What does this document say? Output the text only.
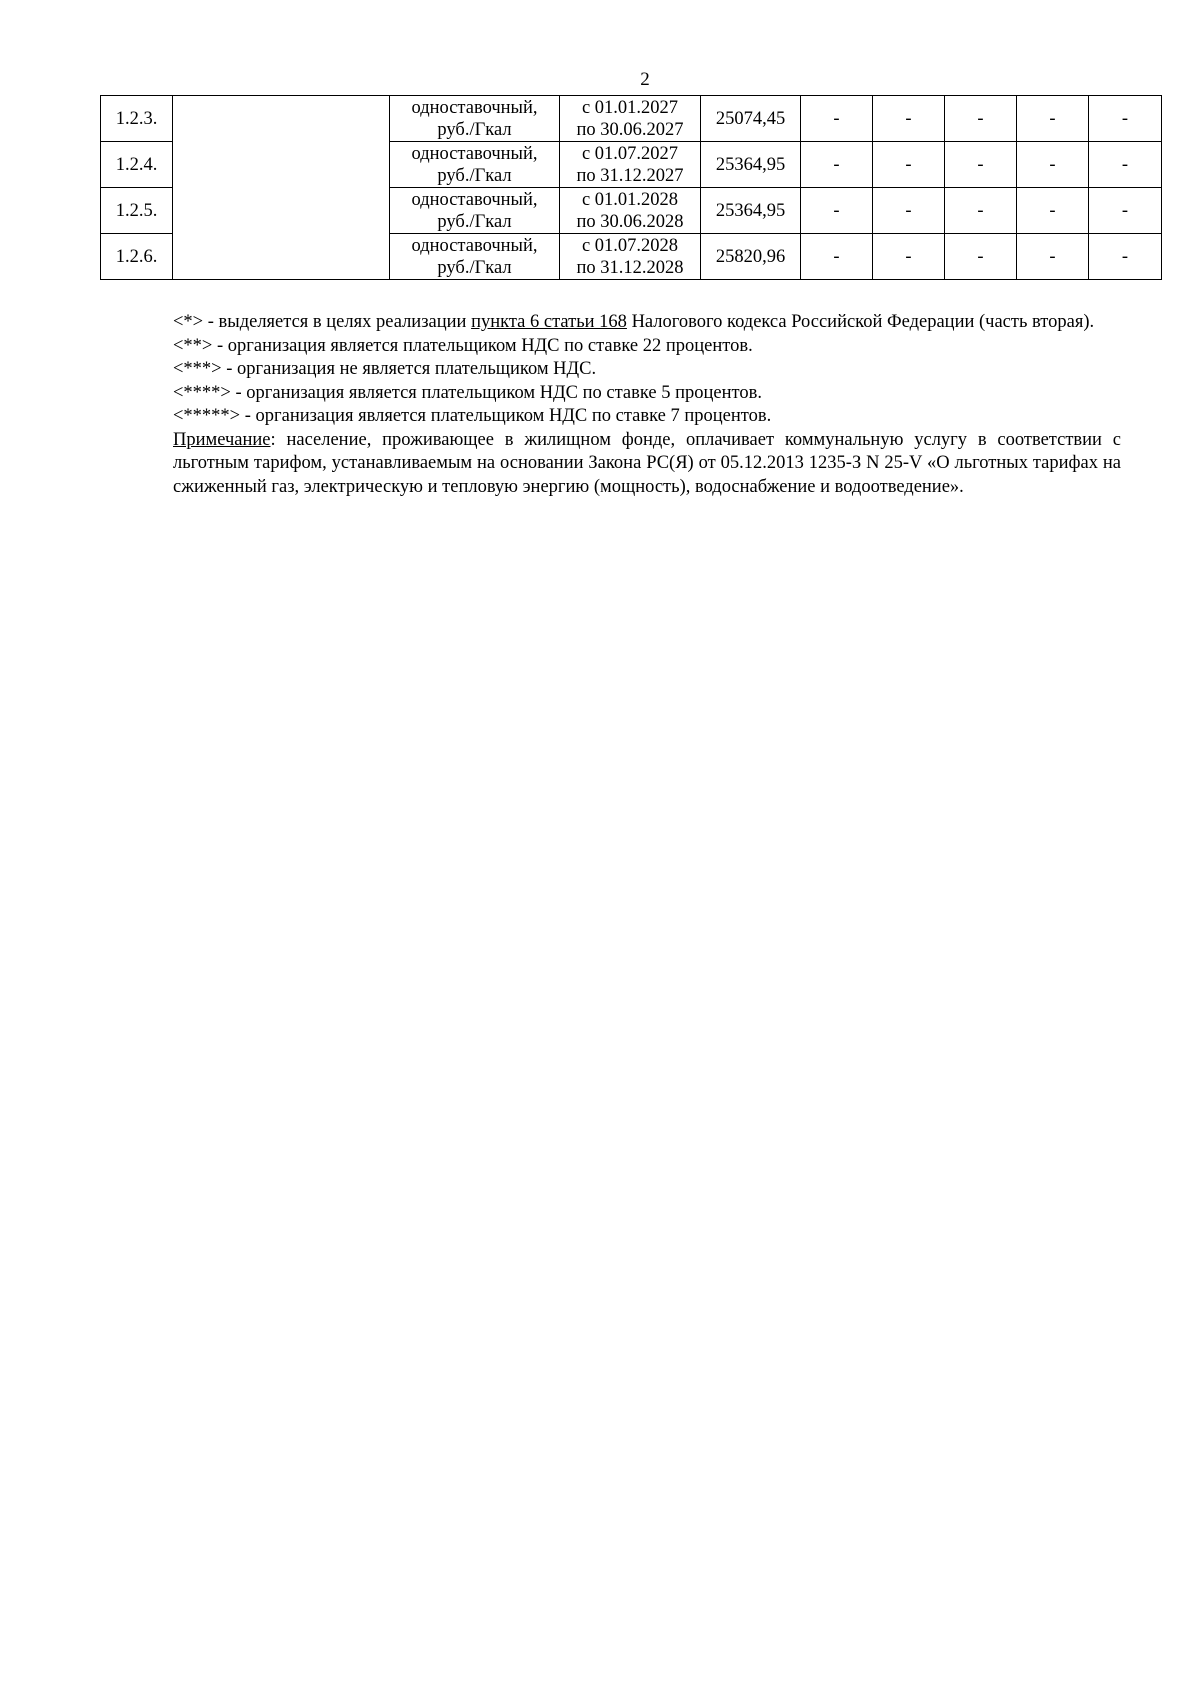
2
1.2.3.		одноставочный,
руб./Гкал	с 01.01.2027
по 30.06.2027	25074,45	-	-	-	-	-
1.2.4.		одноставочный,
руб./Гкал	с 01.07.2027
по 31.12.2027	25364,95	-	-	-	-	-
1.2.5.		одноставочный,
руб./Гкал	с 01.01.2028
по 30.06.2028	25364,95	-	-	-	-	-
1.2.6.		одноставочный,
руб./Гкал	с 01.07.2028
по 31.12.2028	25820,96	-	-	-	-	-

<*> - выделяется в целях реализации пункта 6 статьи 168 Налогового кодекса Российской Федерации (часть вторая).

<**> - организация является плательщиком НДС по ставке 22 процентов.

<***> - организация не является плательщиком НДС.

<****> - организация является плательщиком НДС по ставке 5 процентов.

<*****> - организация является плательщиком НДС по ставке 7 процентов.

Примечание: население, проживающее в жилищном фонде, оплачивает коммунальную услугу в соответствии с льготным тарифом, устанавливаемым на основании Закона РС(Я) от 05.12.2013 1235-З N 25-V «О льготных тарифах на сжиженный газ, электрическую и тепловую энергию (мощность), водоснабжение и водоотведение».
